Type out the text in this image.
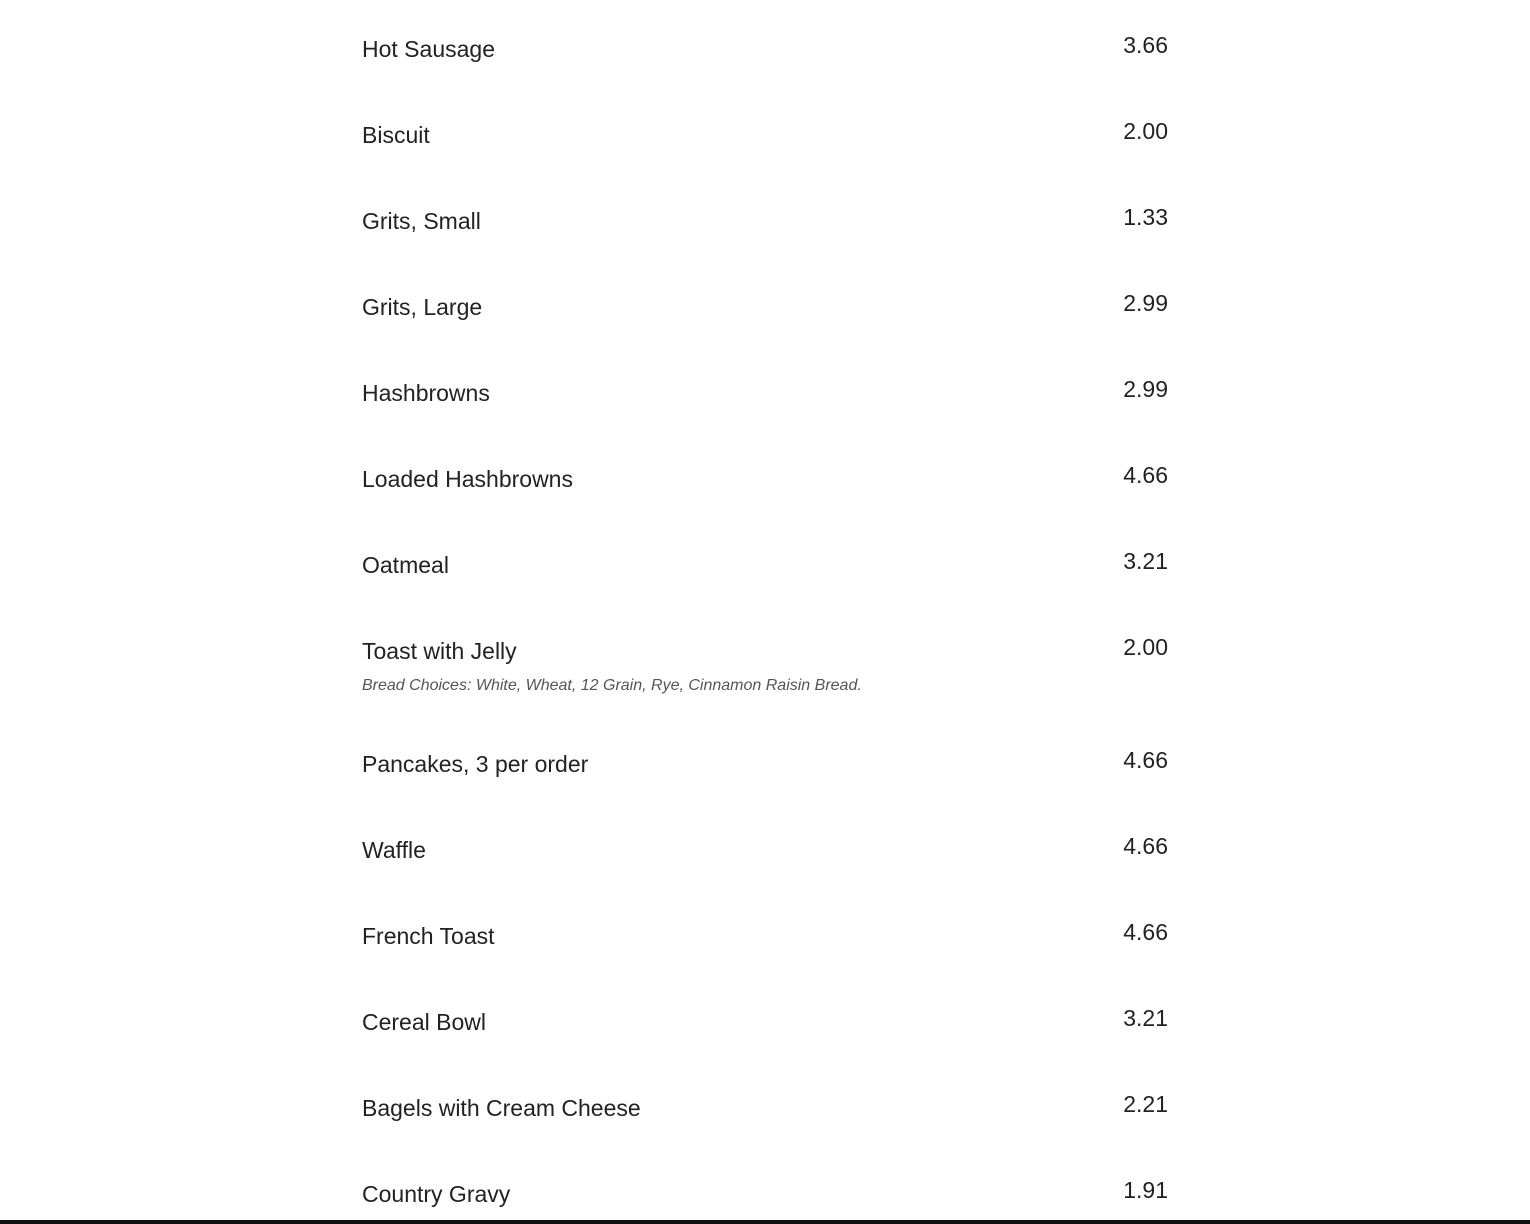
Hot Sausage	3.66
Biscuit	2.00
Grits, Small	1.33
Grits, Large	2.99
Hashbrowns	2.99
Loaded Hashbrowns	4.66
Oatmeal	3.21
Toast with Jelly	2.00
Bread Choices: White, Wheat, 12 Grain, Rye, Cinnamon Raisin Bread.
Pancakes, 3 per order	4.66
Waffle	4.66
French Toast	4.66
Cereal Bowl	3.21
Bagels with Cream Cheese	2.21
Country Gravy	1.91
